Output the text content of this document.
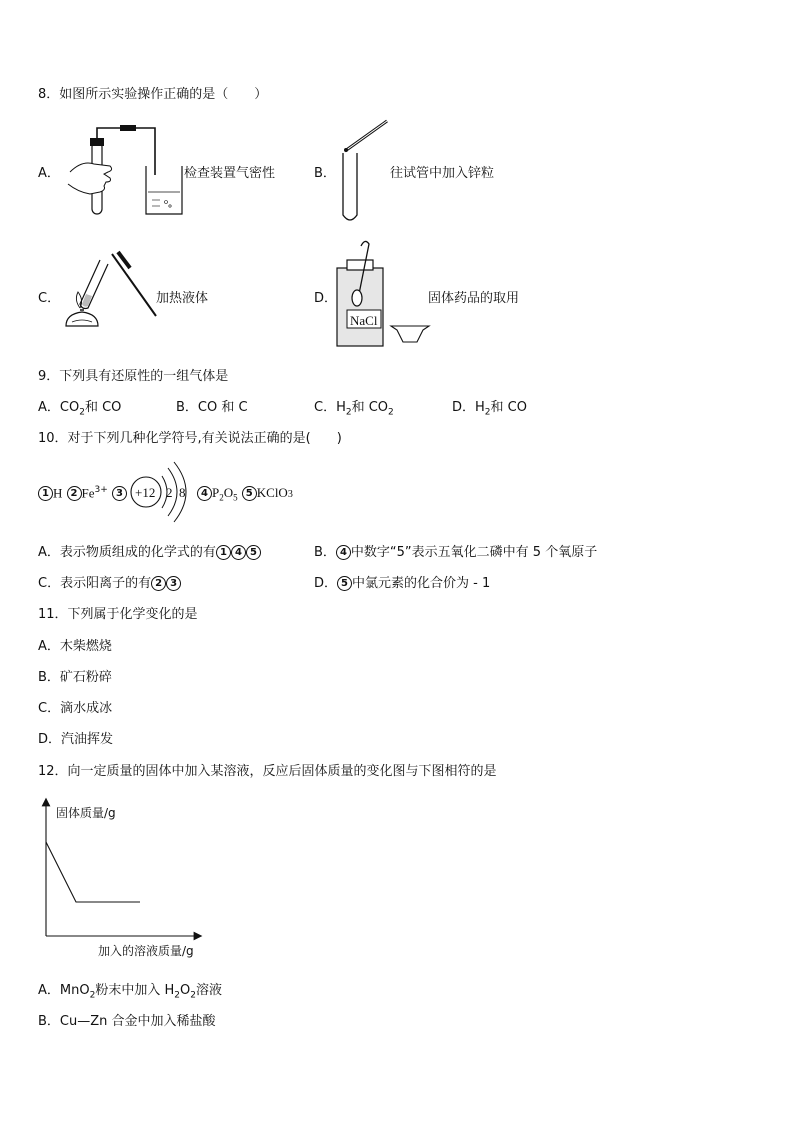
8．如图所示实验操作正确的是（　　）
A．	检查装置气密性	B．	往试管中加入锌粒
C．	加热液体	D．
NaCl
固体药品的取用
9．下列具有还原性的一组气体是
A．$CO_2$和 CO	B．CO 和 C	C．$H_2$和 $CO_2$	D．$H_2$和 CO
10．对于下列几种化学符号,有关说法正确的是(　　)
1 H 2 $Fe^{3+}$ 3 +12 2 8	4 $P_2O_5$ 5 KClO3
A．表示物质组成的化学式的有 1 4 5	B． 4 中数字“5”表示五氧化二磷中有 5 个氧原子
C．表示阳离子的有 2 3	D． 5 中氯元素的化合价为 - 1
11．下列属于化学变化的是
A．木柴燃烧
B．矿石粉碎
C．滴水成冰
D．汽油挥发
12．向一定质量的固体中加入某溶液，反应后固体质量的变化图与下图相符的是
固体质量/g
加入的溶液质量/g
A．MnO$_2$粉末中加入 $H_2O_2$溶液
B．Cu—Zn 合金中加入稀盐酸
